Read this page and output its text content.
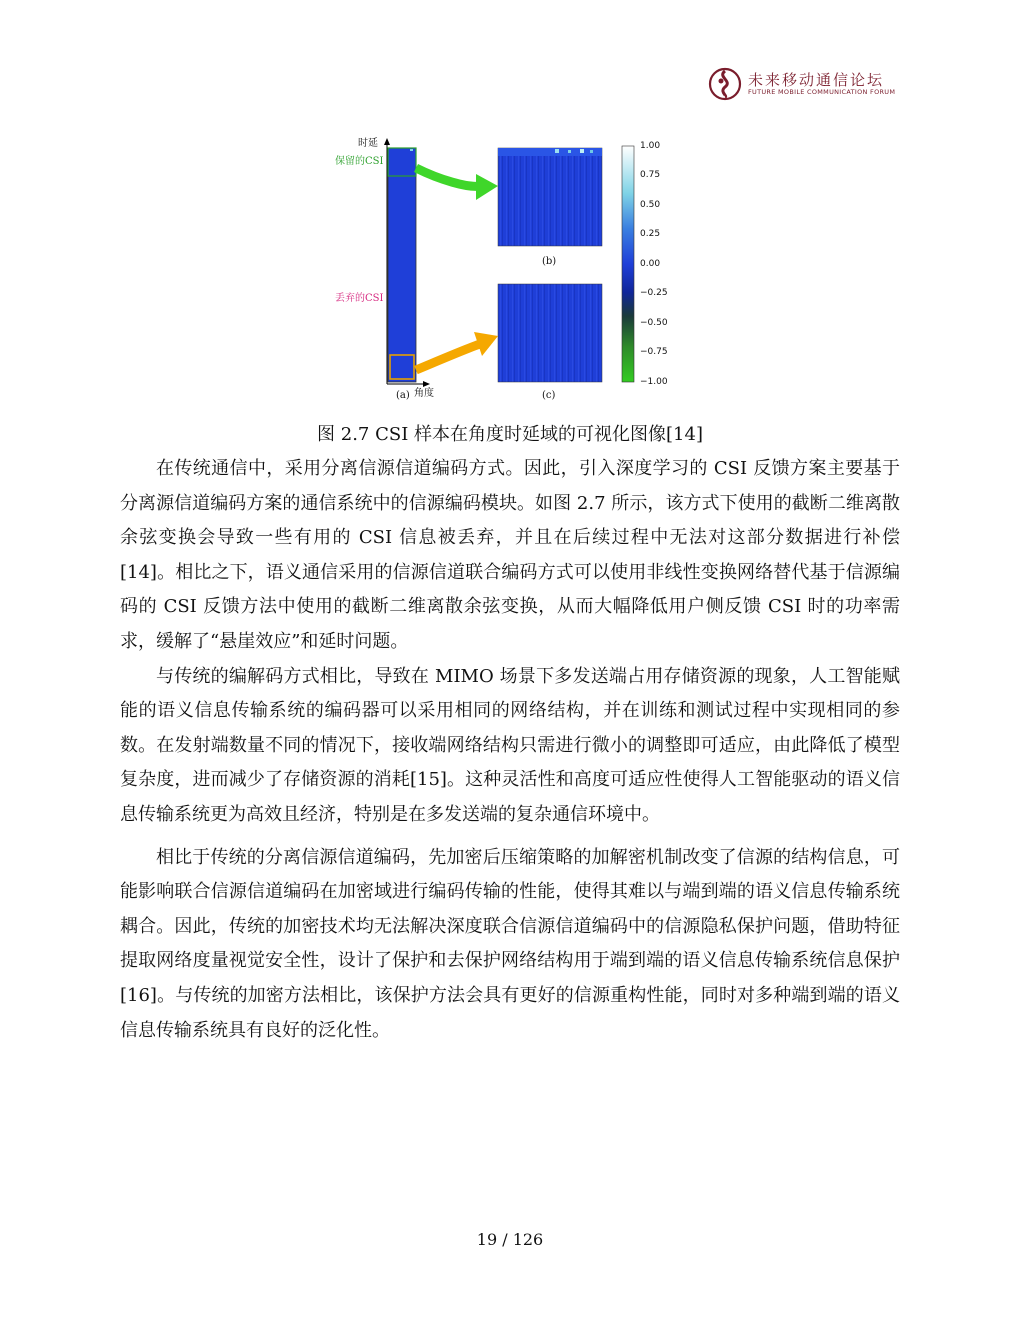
未来移动通信论坛
FUTURE MOBILE COMMUNICATION FORUM
时延
保留的CSI
丢弃的CSI
角度
(a)
(b)
(c)
1.00
0.75
0.50
0.25
0.00
−0.25
−0.50
−0.75
−1.00
图 2.7 CSI 样本在角度时延域的可视化图像[14]

在传统通信中，采用分离信源信道编码方式。因此，引入深度学习的 CSI 反馈方案主要基于分离源信道编码方案的通信系统中的信源编码模块。如图 2.7 所示，该方式下使用的截断二维离散余弦变换会导致一些有用的 CSI 信息被丢弃，并且在后续过程中无法对这部分数据进行补偿[14]。相比之下，语义通信采用的信源信道联合编码方式可以使用非线性变换网络替代基于信源编码的 CSI 反馈方法中使用的截断二维离散余弦变换，从而大幅降低用户侧反馈 CSI 时的功率需求，缓解了“悬崖效应”和延时问题。

与传统的编解码方式相比，导致在 MIMO 场景下多发送端占用存储资源的现象，人工智能赋能的语义信息传输系统的编码器可以采用相同的网络结构，并在训练和测试过程中实现相同的参数。在发射端数量不同的情况下，接收端网络结构只需进行微小的调整即可适应，由此降低了模型复杂度，进而减少了存储资源的消耗[15]。这种灵活性和高度可适应性使得人工智能驱动的语义信息传输系统更为高效且经济，特别是在多发送端的复杂通信环境中。

相比于传统的分离信源信道编码，先加密后压缩策略的加解密机制改变了信源的结构信息，可能影响联合信源信道编码在加密域进行编码传输的性能，使得其难以与端到端的语义信息传输系统耦合。因此，传统的加密技术均无法解决深度联合信源信道编码中的信源隐私保护问题，借助特征提取网络度量视觉安全性，设计了保护和去保护网络结构用于端到端的语义信息传输系统信息保护[16]。与传统的加密方法相比，该保护方法会具有更好的信源重构性能，同时对多种端到端的语义信息传输系统具有良好的泛化性。

19 / 126
